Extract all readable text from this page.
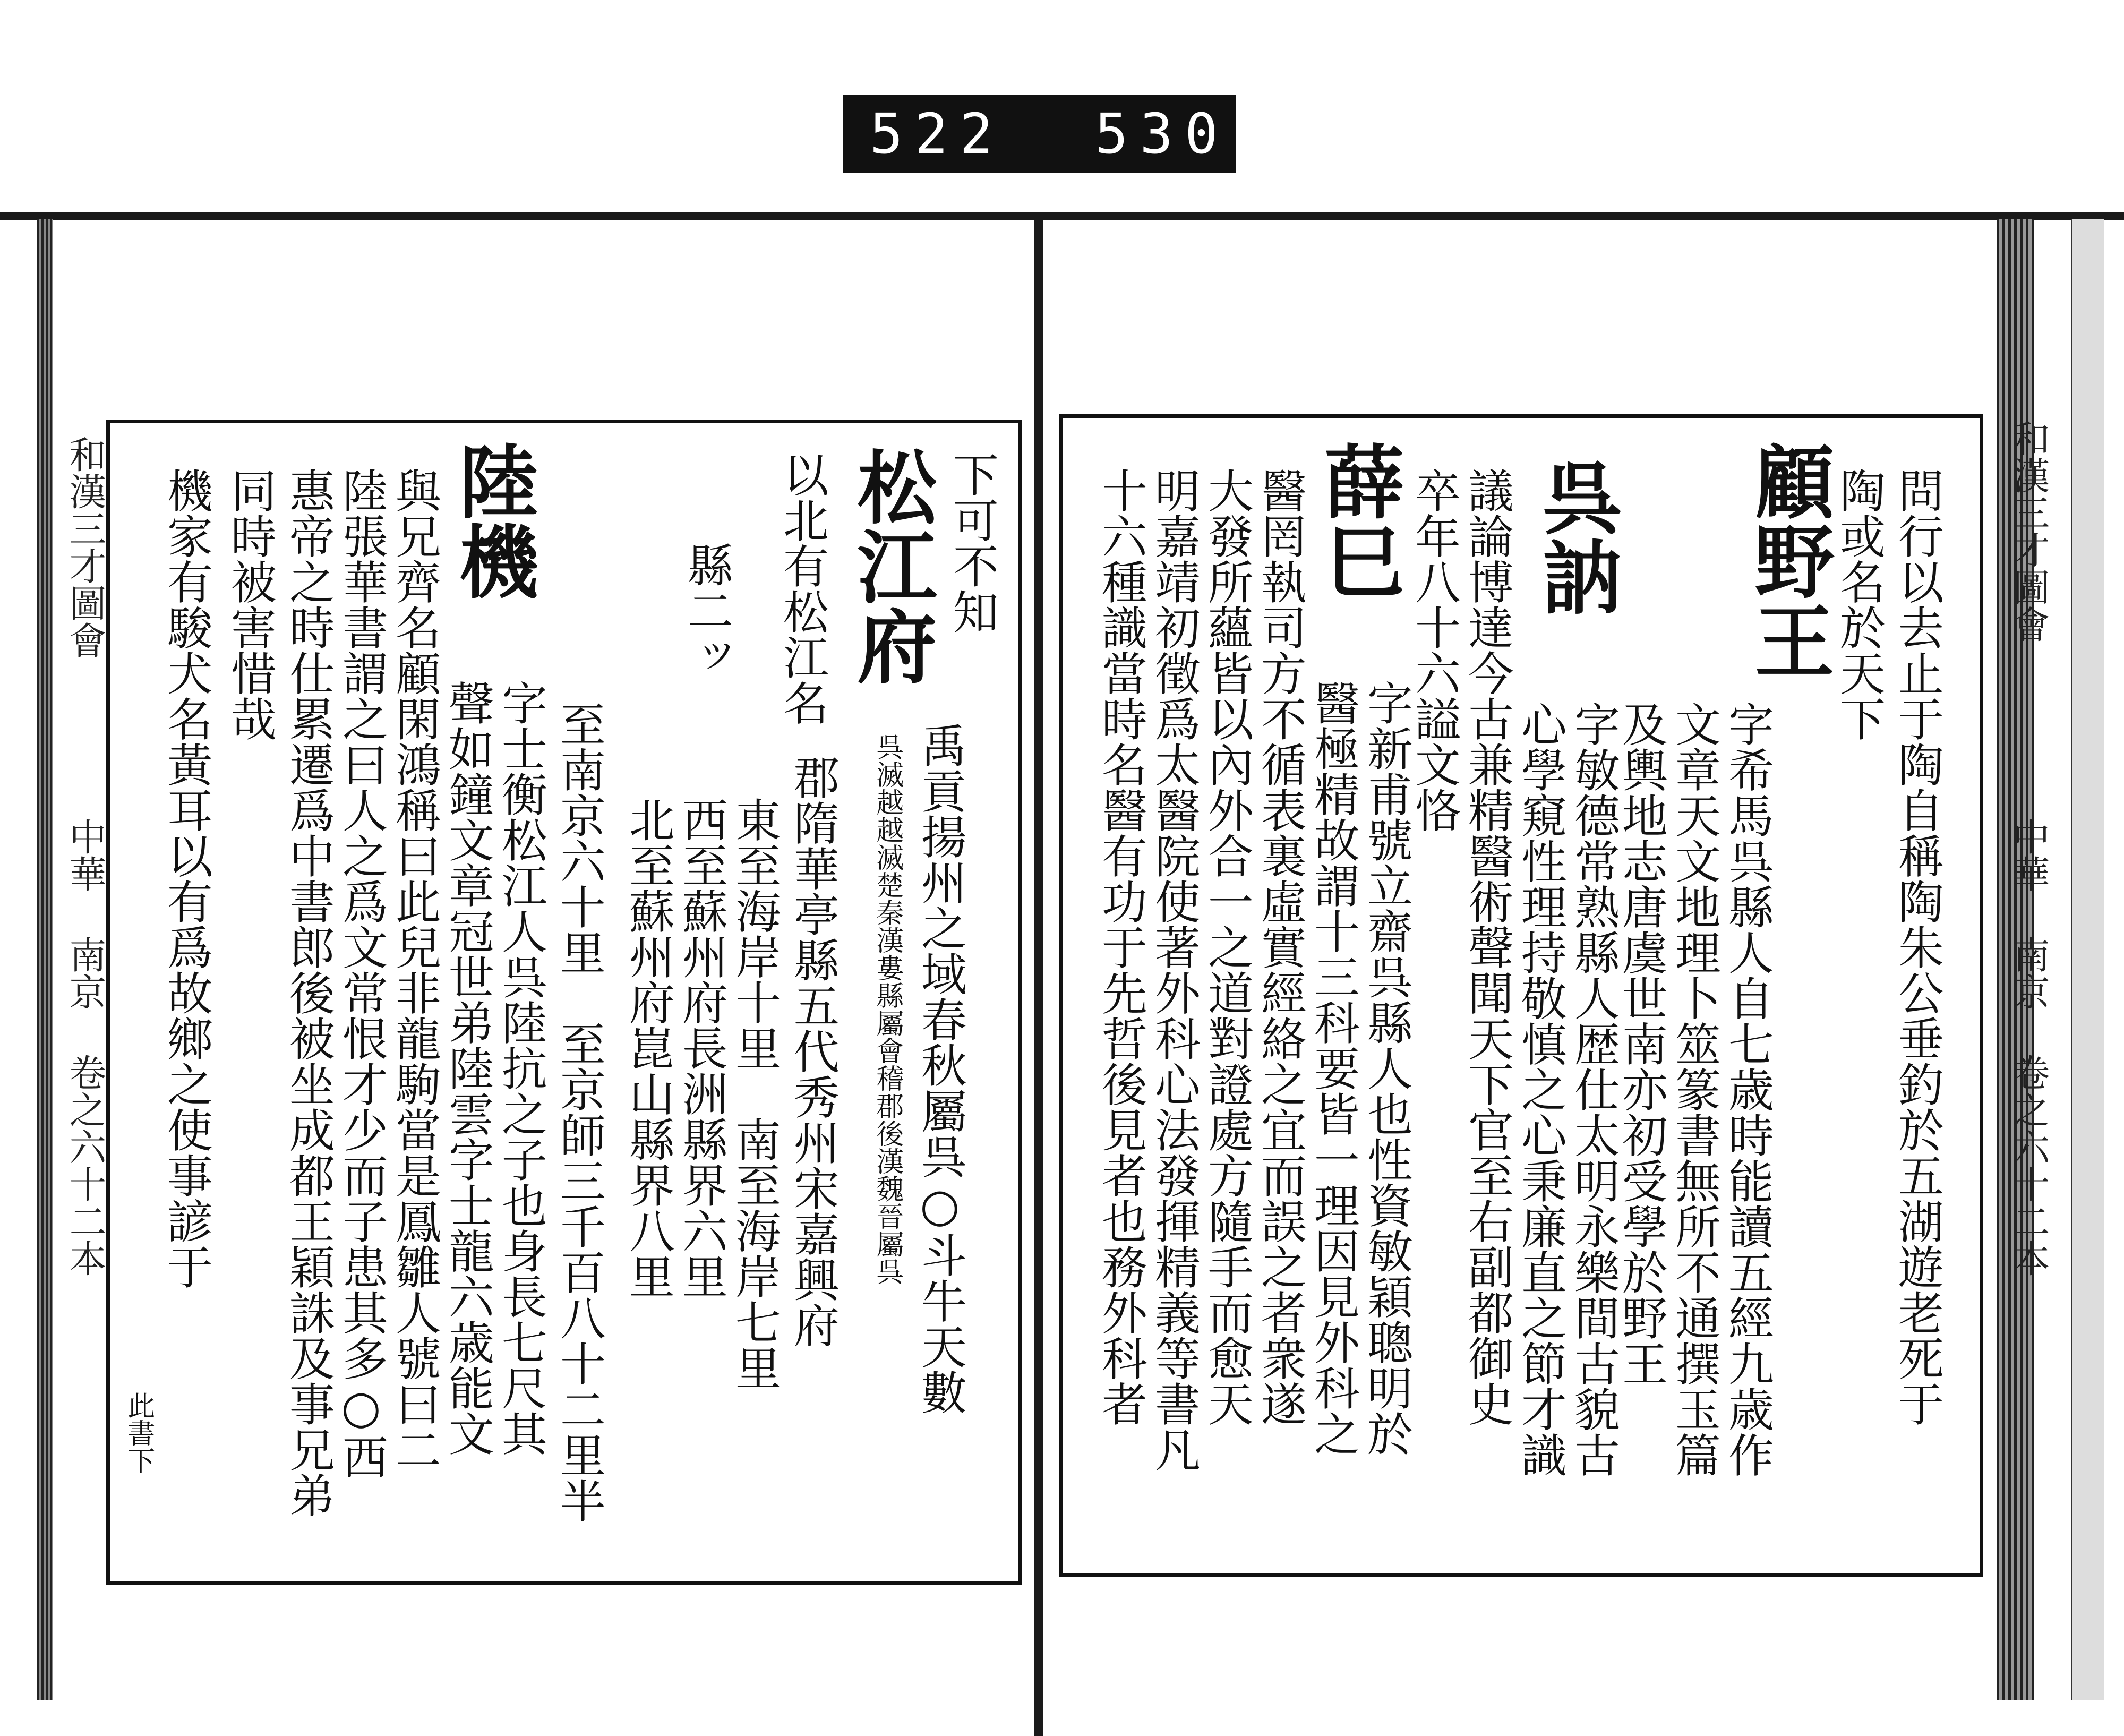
522 530
和漢三才圖會
中華 南京 卷之六十二本
和漢三才圖會
中華 南京 卷之六十二本
問行以去止于陶自稱陶朱公垂釣於五湖遊老死于
陶或名於天下
顧野王
字希馬呉縣人自七歳時能讀五經九歳作
文章天文地理卜筮篆書無所不通撰玉篇
及輿地志唐虞世南亦初受學於野王
呉訥
字敏德常熟縣人歴仕太明永樂間古貌古
心學窺性理持敬慎之心秉廉直之節才識
議論博達今古兼精醫術聲聞天下官至右副都御史
卒年八十六謚文恪
薛巳
字新甫號立齋呉縣人也性資敏穎聰明於
醫極精故謂十三科要皆一理因見外科之
醫罔執司方不循表裏虛實經絡之宜而誤之者衆遂
大發所蘊皆以內外合一之道對證處方隨手而愈天
明嘉靖初徵爲太醫院使著外科心法發揮精義等書凡
十六種識當時名醫有功于先哲後見者也務外科者
下可不知
松江府
禹貢揚州之域春秋屬呉○斗牛天數
呉滅越越滅楚秦漢婁縣屬會稽郡後漢魏晉屬呉
郡隋華亭縣五代秀州宋嘉興府
以北有松江名
縣二ッ
東至海岸十里　南至海岸七里
西至蘇州府長洲縣界六里
北至蘇州府崑山縣界八里
至南京六十里　至京師三千百八十二里半
陸機
字士衡松江人呉陸抗之子也身長七尺其
聲如鐘文章冠世弟陸雲字士龍六歳能文
與兄齊名顧閑鴻稱曰此兒非龍駒當是鳳雛人號曰二
陸張華書謂之曰人之爲文常恨才少而子患其多○西
惠帝之時仕累遷爲中書郎後被坐成都王穎誅及事兄弟
同時被害惜哉
機家有駿犬名黃耳以有爲故鄉之使事諺于
此書下
